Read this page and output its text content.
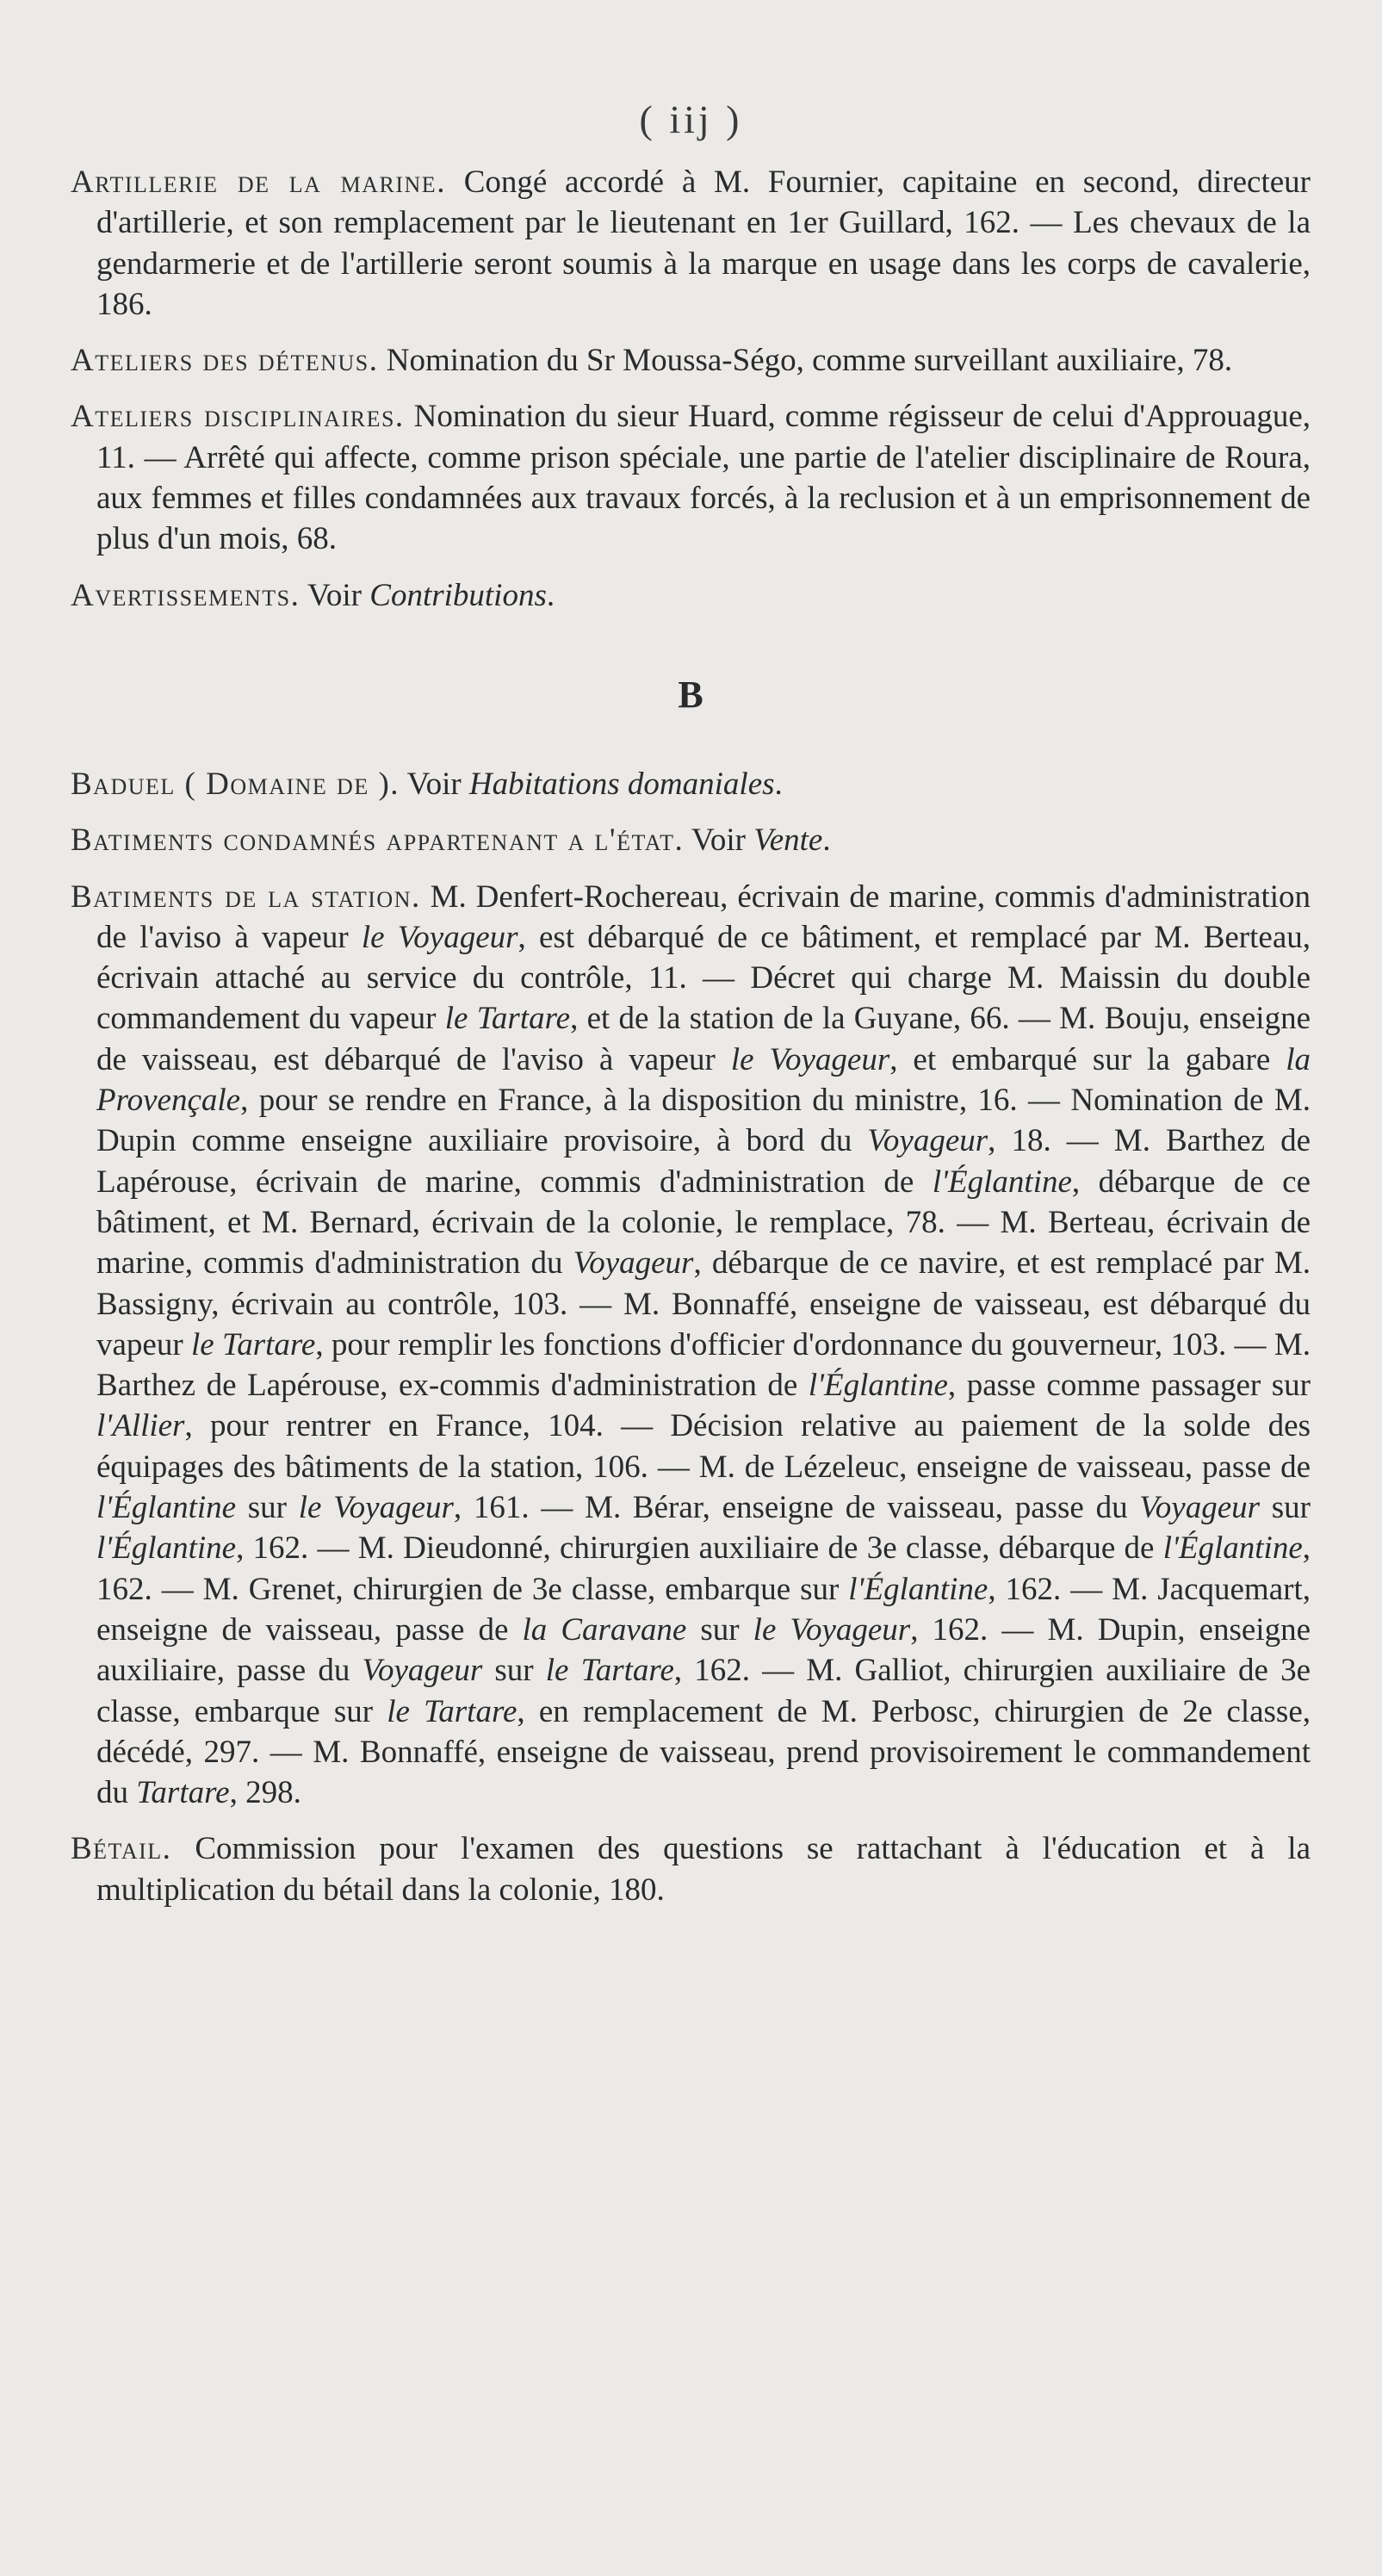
( iij )

Artillerie de la marine. Congé accordé à M. Fournier, capitaine en second, directeur d'artillerie, et son remplacement par le lieutenant en 1er Guillard, 162. — Les chevaux de la gendarmerie et de l'artillerie seront soumis à la marque en usage dans les corps de cavalerie, 186.

Ateliers des détenus. Nomination du Sr Moussa-Ségo, comme surveillant auxiliaire, 78.

Ateliers disciplinaires. Nomination du sieur Huard, comme régisseur de celui d'Approuague, 11. — Arrêté qui affecte, comme prison spéciale, une partie de l'atelier disciplinaire de Roura, aux femmes et filles condamnées aux travaux forcés, à la reclusion et à un emprisonnement de plus d'un mois, 68.

Avertissements. Voir Contributions.

B

Baduel ( Domaine de ). Voir Habitations domaniales.

Batiments condamnés appartenant a l'état. Voir Vente.

Batiments de la station. M. Denfert-Rochereau, écrivain de marine, commis d'administration de l'aviso à vapeur le Voyageur, est débarqué de ce bâtiment, et remplacé par M. Berteau, écrivain attaché au service du contrôle, 11. — Décret qui charge M. Maissin du double commandement du vapeur le Tartare, et de la station de la Guyane, 66. — M. Bouju, enseigne de vaisseau, est débarqué de l'aviso à vapeur le Voyageur, et embarqué sur la gabare la Provençale, pour se rendre en France, à la disposition du ministre, 16. — Nomination de M. Dupin comme enseigne auxiliaire provisoire, à bord du Voyageur, 18. — M. Barthez de Lapérouse, écrivain de marine, commis d'administration de l'Églantine, débarque de ce bâtiment, et M. Bernard, écrivain de la colonie, le remplace, 78. — M. Berteau, écrivain de marine, commis d'administration du Voyageur, débarque de ce navire, et est remplacé par M. Bassigny, écrivain au contrôle, 103. — M. Bonnaffé, enseigne de vaisseau, est débarqué du vapeur le Tartare, pour remplir les fonctions d'officier d'ordonnance du gouverneur, 103. — M. Barthez de Lapérouse, ex-commis d'administration de l'Églantine, passe comme passager sur l'Allier, pour rentrer en France, 104. — Décision relative au paiement de la solde des équipages des bâtiments de la station, 106. — M. de Lézeleuc, enseigne de vaisseau, passe de l'Églantine sur le Voyageur, 161. — M. Bérar, enseigne de vaisseau, passe du Voyageur sur l'Églantine, 162. — M. Dieudonné, chirurgien auxiliaire de 3e classe, débarque de l'Églantine, 162. — M. Grenet, chirurgien de 3e classe, embarque sur l'Églantine, 162. — M. Jacquemart, enseigne de vaisseau, passe de la Caravane sur le Voyageur, 162. — M. Dupin, enseigne auxiliaire, passe du Voyageur sur le Tartare, 162. — M. Galliot, chirurgien auxiliaire de 3e classe, embarque sur le Tartare, en remplacement de M. Perbosc, chirurgien de 2e classe, décédé, 297. — M. Bonnaffé, enseigne de vaisseau, prend provisoirement le commandement du Tartare, 298.

Bétail. Commission pour l'examen des questions se rattachant à l'éducation et à la multiplication du bétail dans la colonie, 180.
